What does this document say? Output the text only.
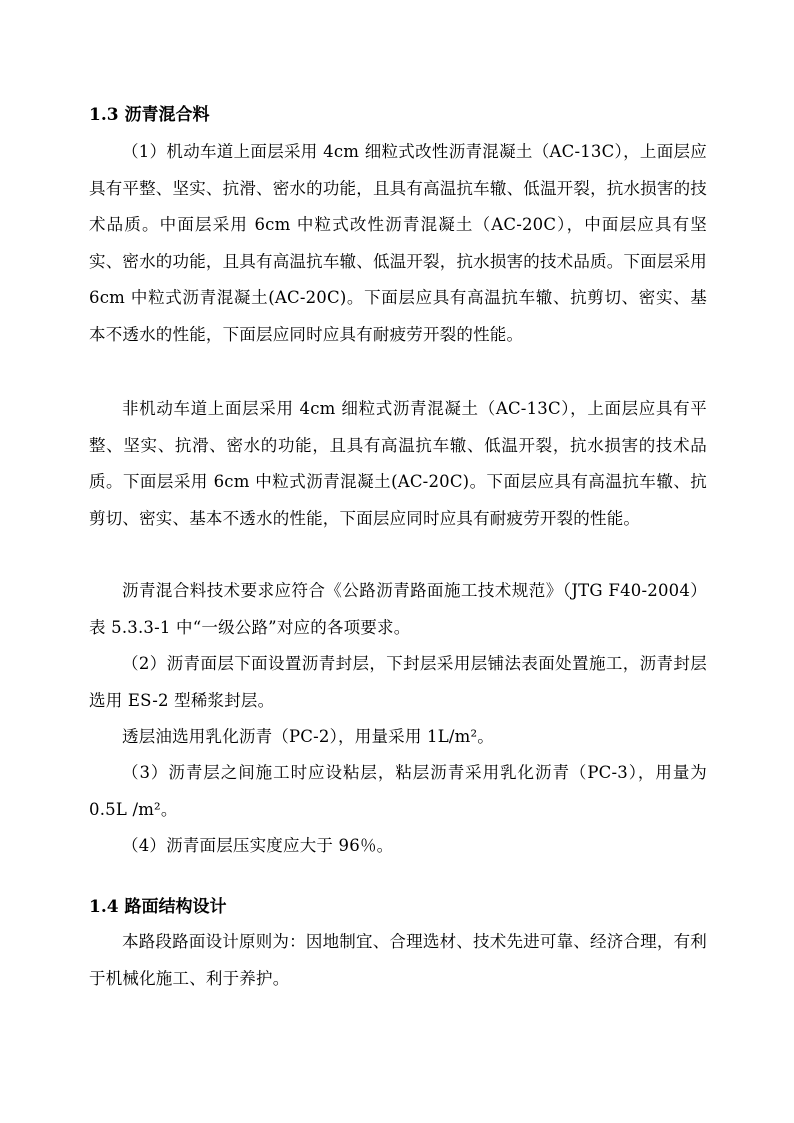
1.3 沥青混合料

（1）机动车道上面层采用 4cm 细粒式改性沥青混凝土（AC-13C），上面层应具有平整、坚实、抗滑、密水的功能，且具有高温抗车辙、低温开裂，抗水损害的技术品质。中面层采用 6cm 中粒式改性沥青混凝土（AC-20C），中面层应具有坚实、密水的功能，且具有高温抗车辙、低温开裂，抗水损害的技术品质。下面层采用 6cm 中粒式沥青混凝土(AC-20C)。下面层应具有高温抗车辙、抗剪切、密实、基本不透水的性能，下面层应同时应具有耐疲劳开裂的性能。

非机动车道上面层采用 4cm 细粒式沥青混凝土（AC-13C），上面层应具有平整、坚实、抗滑、密水的功能，且具有高温抗车辙、低温开裂，抗水损害的技术品质。下面层采用 6cm 中粒式沥青混凝土(AC-20C)。下面层应具有高温抗车辙、抗剪切、密实、基本不透水的性能，下面层应同时应具有耐疲劳开裂的性能。

沥青混合料技术要求应符合《公路沥青路面施工技术规范》（JTG F40-2004）表 5.3.3-1 中“一级公路”对应的各项要求。

（2）沥青面层下面设置沥青封层，下封层采用层铺法表面处置施工，沥青封层选用 ES-2 型稀浆封层。

透层油选用乳化沥青（PC-2），用量采用 1L/m²。

（3）沥青层之间施工时应设粘层，粘层沥青采用乳化沥青（PC-3），用量为 0.5L /m²。

（4）沥青面层压实度应大于 96％。

1.4 路面结构设计

本路段路面设计原则为：因地制宜、合理选材、技术先进可靠、经济合理，有利于机械化施工、利于养护。
